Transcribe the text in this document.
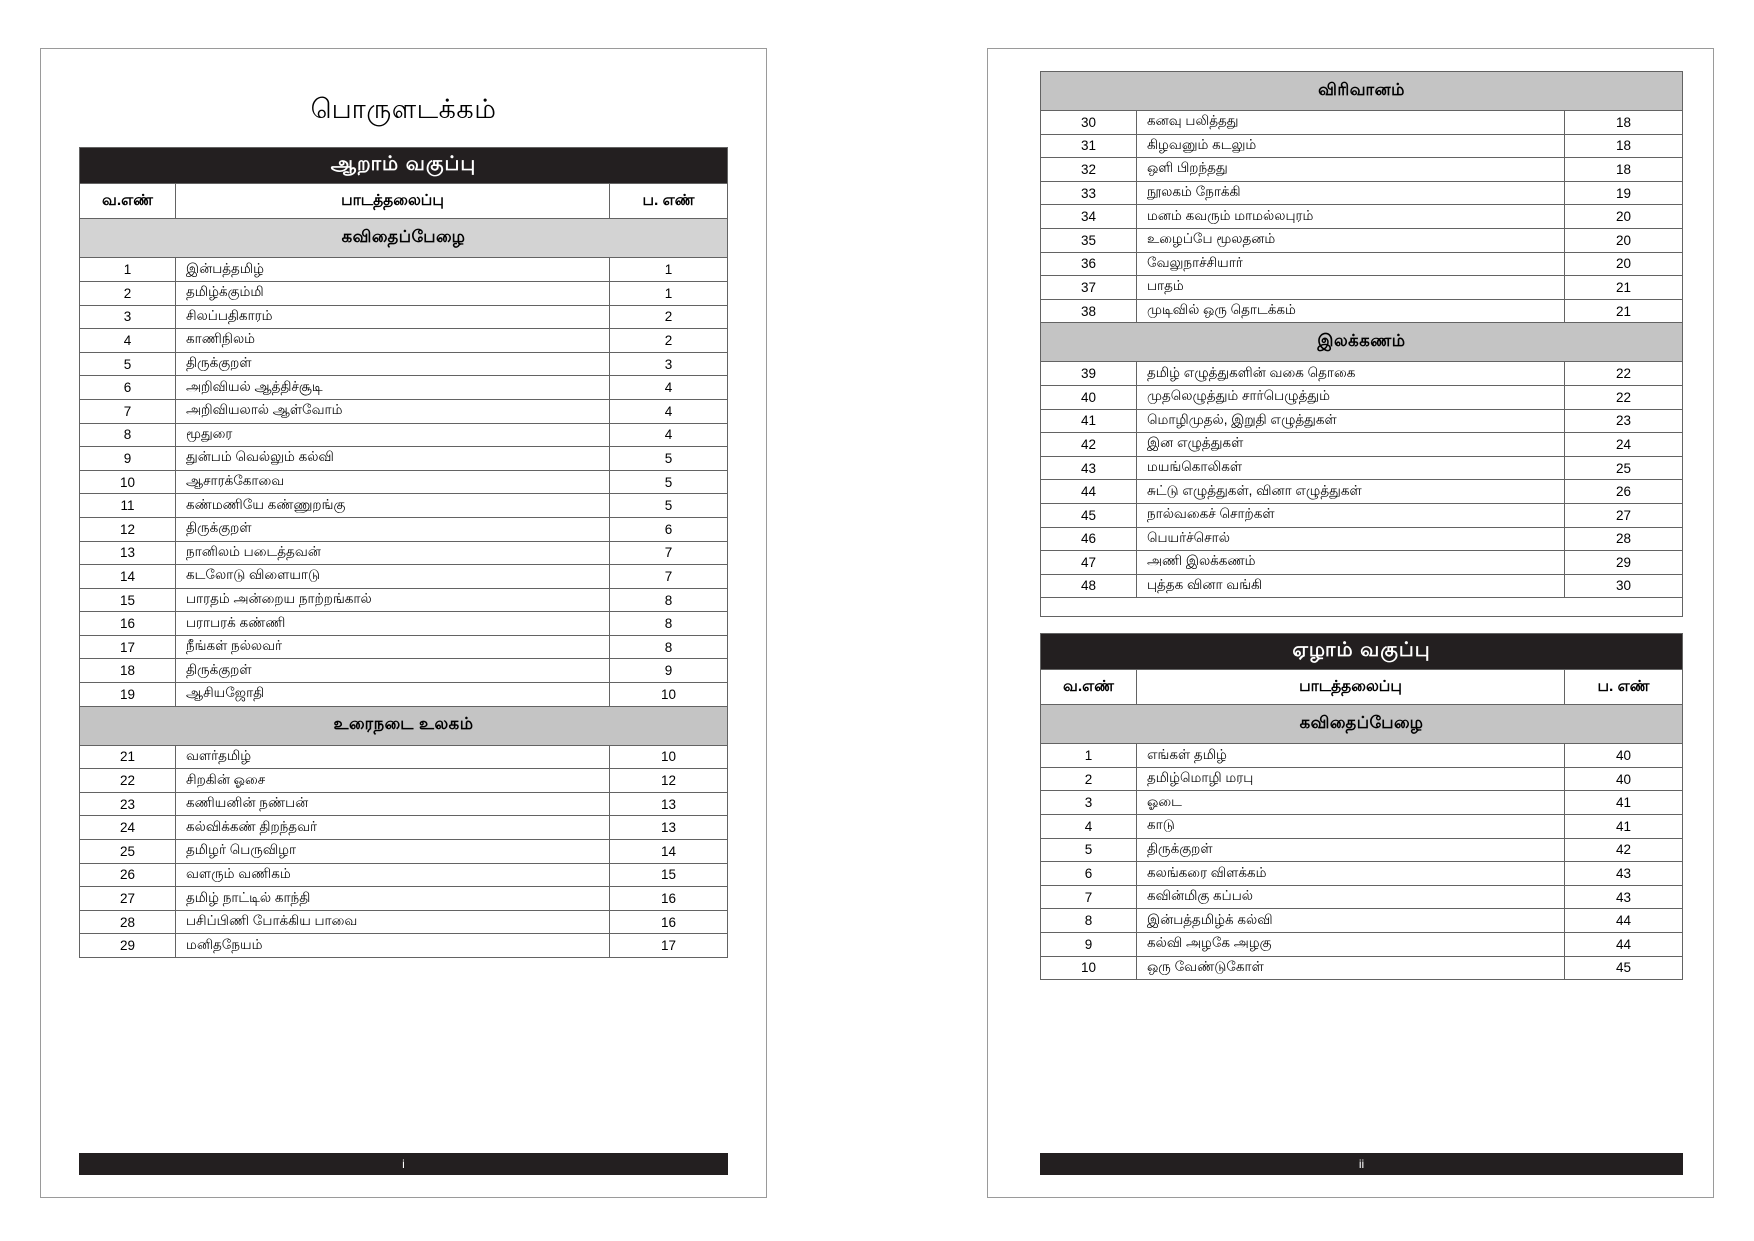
பொருளடக்கம்
ஆறாம் வகுப்பு		
வ.எண்	பாடத்தலைப்பு	ப. எண்
கவிதைப்பேழை		
1	இன்பத்தமிழ்	1
2	தமிழ்க்கும்மி	1
3	சிலப்பதிகாரம்	2
4	காணிநிலம்	2
5	திருக்குறள்	3
6	அறிவியல் ஆத்திச்சூடி	4
7	அறிவியலால் ஆள்வோம்	4
8	மூதுரை	4
9	துன்பம் வெல்லும் கல்வி	5
10	ஆசாரக்கோவை	5
11	கண்மணியே கண்ணுறங்கு	5
12	திருக்குறள்	6
13	நானிலம் படைத்தவன்	7
14	கடலோடு விளையாடு	7
15	பாரதம் அன்றைய நாற்றங்கால்	8
16	பராபரக் கண்ணி	8
17	நீங்கள் நல்லவர்	8
18	திருக்குறள்	9
19	ஆசியஜோதி	10
உரைநடை உலகம்		
21	வளர்தமிழ்	10
22	சிறகின் ஓசை	12
23	கணியனின் நண்பன்	13
24	கல்விக்கண் திறந்தவர்	13
25	தமிழர் பெருவிழா	14
26	வளரும் வணிகம்	15
27	தமிழ் நாட்டில் காந்தி	16
28	பசிப்பிணி போக்கிய பாவை	16
29	மனிதநேயம்	17
i
விரிவானம்		
30	கனவு பலித்தது	18
31	கிழவனும் கடலும்	18
32	ஒளி பிறந்தது	18
33	நூலகம் நோக்கி	19
34	மனம் கவரும் மாமல்லபுரம்	20
35	உழைப்பே மூலதனம்	20
36	வேலுநாச்சியார்	20
37	பாதம்	21
38	முடிவில் ஒரு தொடக்கம்	21
இலக்கணம்		
39	தமிழ் எழுத்துகளின் வகை தொகை	22
40	முதலெழுத்தும் சார்பெழுத்தும்	22
41	மொழிமுதல், இறுதி எழுத்துகள்	23
42	இன எழுத்துகள்	24
43	மயங்கொலிகள்	25
44	சுட்டு எழுத்துகள், வினா எழுத்துகள்	26
45	நால்வகைச் சொற்கள்	27
46	பெயர்ச்சொல்	28
47	அணி இலக்கணம்	29
48	புத்தக வினா வங்கி	30

ஏழாம் வகுப்பு		
வ.எண்	பாடத்தலைப்பு	ப. எண்
கவிதைப்பேழை		
1	எங்கள் தமிழ்	40
2	தமிழ்மொழி மரபு	40
3	ஓடை	41
4	காடு	41
5	திருக்குறள்	42
6	கலங்கரை விளக்கம்	43
7	கவின்மிகு கப்பல்	43
8	இன்பத்தமிழ்க் கல்வி	44
9	கல்வி அழகே அழகு	44
10	ஒரு வேண்டுகோள்	45
ii
